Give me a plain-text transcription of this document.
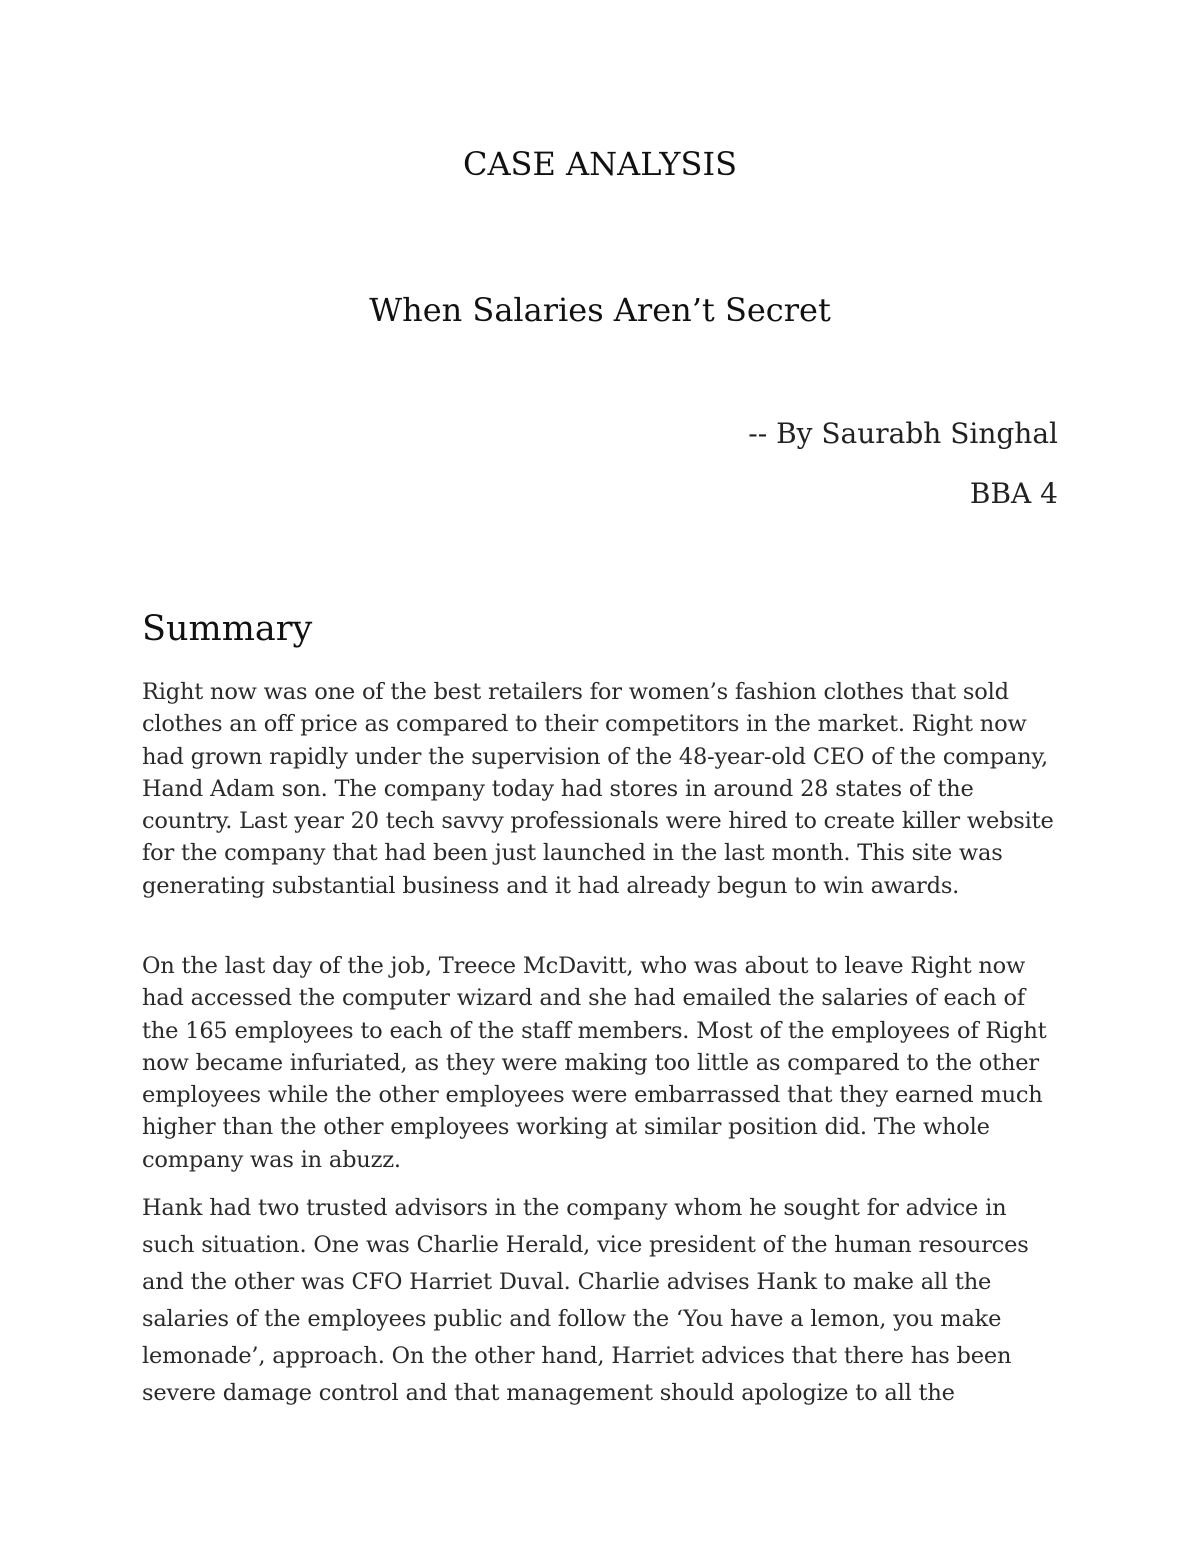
CASE ANALYSIS
When Salaries Aren’t Secret

-- By Saurabh Singhal

BBA 4

Summary

Right now was one of the best retailers for women’s fashion clothes that sold clothes an off price as compared to their competitors in the market. Right now had grown rapidly under the supervision of the 48-year-old CEO of the company, Hand Adam son. The company today had stores in around 28 states of the country. Last year 20 tech savvy professionals were hired to create killer website for the company that had been just launched in the last month. This site was generating substantial business and it had already begun to win awards.

On the last day of the job, Treece McDavitt, who was about to leave Right now had accessed the computer wizard and she had emailed the salaries of each of the 165 employees to each of the staff members. Most of the employees of Right now became infuriated, as they were making too little as compared to the other employees while the other employees were embarrassed that they earned much higher than the other employees working at similar position did. The whole company was in abuzz.

Hank had two trusted advisors in the company whom he sought for advice in such situation. One was Charlie Herald, vice president of the human resources and the other was CFO Harriet Duval. Charlie advises Hank to make all the salaries of the employees public and follow the ‘You have a lemon, you make lemonade’, approach. On the other hand, Harriet advices that there has been severe damage control and that management should apologize to all the
